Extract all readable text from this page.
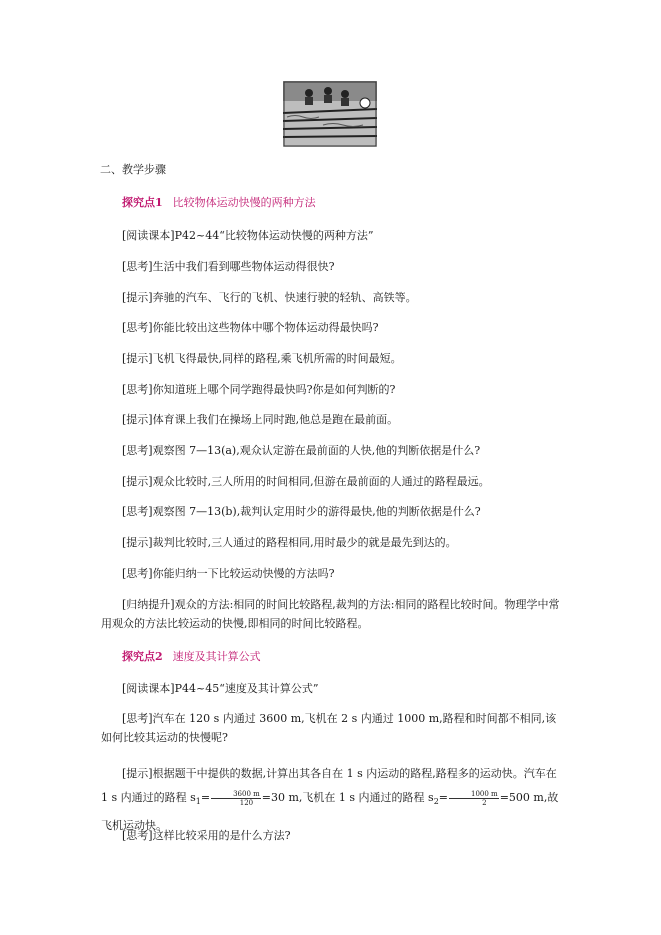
二、教学步骤
探究点1 比较物体运动快慢的两种方法
[阅读课本]P42~44“比较物体运动快慢的两种方法”
[思考]生活中我们看到哪些物体运动得很快?
[提示]奔驰的汽车、飞行的飞机、快速行驶的轻轨、高铁等。
[思考]你能比较出这些物体中哪个物体运动得最快吗?
[提示]飞机飞得最快,同样的路程,乘飞机所需的时间最短。
[思考]你知道班上哪个同学跑得最快吗?你是如何判断的?
[提示]体育课上我们在操场上同时跑,他总是跑在最前面。
[思考]观察图 7—13(a),观众认定游在最前面的人快,他的判断依据是什么?
[提示]观众比较时,三人所用的时间相同,但游在最前面的人通过的路程最远。
[思考]观察图 7—13(b),裁判认定用时少的游得最快,他的判断依据是什么?
[提示]裁判比较时,三人通过的路程相同,用时最少的就是最先到达的。
[思考]你能归纳一下比较运动快慢的方法吗?
[归纳提升]观众的方法:相同的时间比较路程,裁判的方法:相同的路程比较时间。物理学中常用观众的方法比较运动的快慢,即相同的时间比较路程。
探究点2 速度及其计算公式
[阅读课本]P44~45“速度及其计算公式”
[思考]汽车在 120 s 内通过 3600 m,飞机在 2 s 内通过 1000 m,路程和时间都不相同,该如何比较其运动的快慢呢?
[提示]根据题干中提供的数据,计算出其各自在 1 s 内运动的路程,路程多的运动快。汽车在 1 s 内通过的路程 $s_1= \frac{3600 m}{120} =30$ m,飞机在 1 s 内通过的路程 $s_2= \frac{1000 m}{2} =500$ m,故飞机运动快。
[思考]这样比较采用的是什么方法?
